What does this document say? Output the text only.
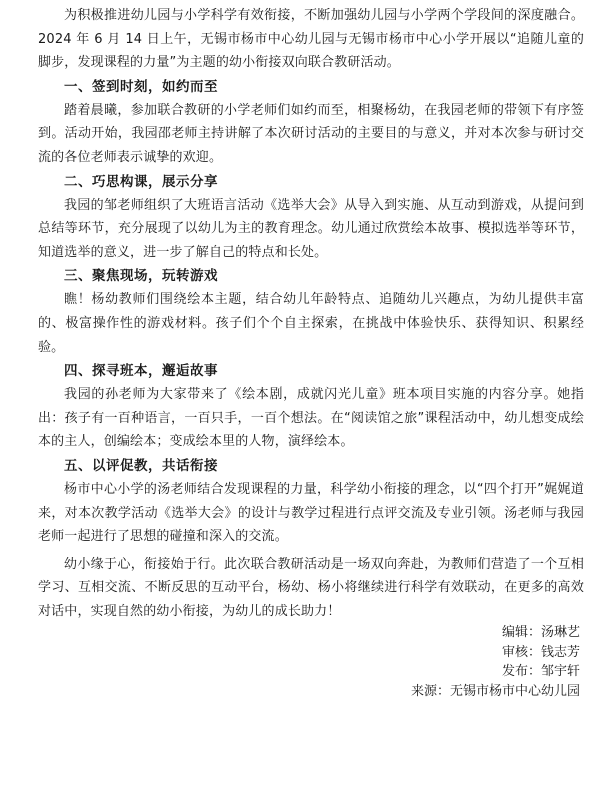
为积极推进幼儿园与小学科学有效衔接，不断加强幼儿园与小学两个学段间的深度融合。2024 年 6 月 14 日上午，无锡市杨市中心幼儿园与无锡市杨市中心小学开展以“追随儿童的脚步，发现课程的力量”为主题的幼小衔接双向联合教研活动。

一、签到时刻，如约而至

踏着晨曦，参加联合教研的小学老师们如约而至，相聚杨幼，在我园老师的带领下有序签到。活动开始，我园邵老师主持讲解了本次研讨活动的主要目的与意义，并对本次参与研讨交流的各位老师表示诚挚的欢迎。

二、巧思构课，展示分享

我园的邹老师组织了大班语言活动《选举大会》从导入到实施、从互动到游戏，从提问到总结等环节，充分展现了以幼儿为主的教育理念。幼儿通过欣赏绘本故事、模拟选举等环节，知道选举的意义，进一步了解自己的特点和长处。

三、聚焦现场，玩转游戏

瞧！杨幼教师们围绕绘本主题，结合幼儿年龄特点、追随幼儿兴趣点，为幼儿提供丰富的、极富操作性的游戏材料。孩子们个个自主探索，在挑战中体验快乐、获得知识、积累经验。

四、探寻班本，邂逅故事

我园的孙老师为大家带来了《绘本剧，成就闪光儿童》班本项目实施的内容分享。她指出：孩子有一百种语言，一百只手，一百个想法。在“阅读馆之旅”课程活动中，幼儿想变成绘本的主人，创编绘本；变成绘本里的人物，演绎绘本。

五、以评促教，共话衔接

杨市中心小学的汤老师结合发现课程的力量，科学幼小衔接的理念，以“四个打开”娓娓道来，对本次教学活动《选举大会》的设计与教学过程进行点评交流及专业引领。汤老师与我园老师一起进行了思想的碰撞和深入的交流。

幼小缘于心，衔接始于行。此次联合教研活动是一场双向奔赴，为教师们营造了一个互相学习、互相交流、不断反思的互动平台，杨幼、杨小将继续进行科学有效联动，在更多的高效对话中，实现自然的幼小衔接，为幼儿的成长助力！

编辑：汤琳艺
审核：钱志芳
发布：邹宇轩
来源：无锡市杨市中心幼儿园
